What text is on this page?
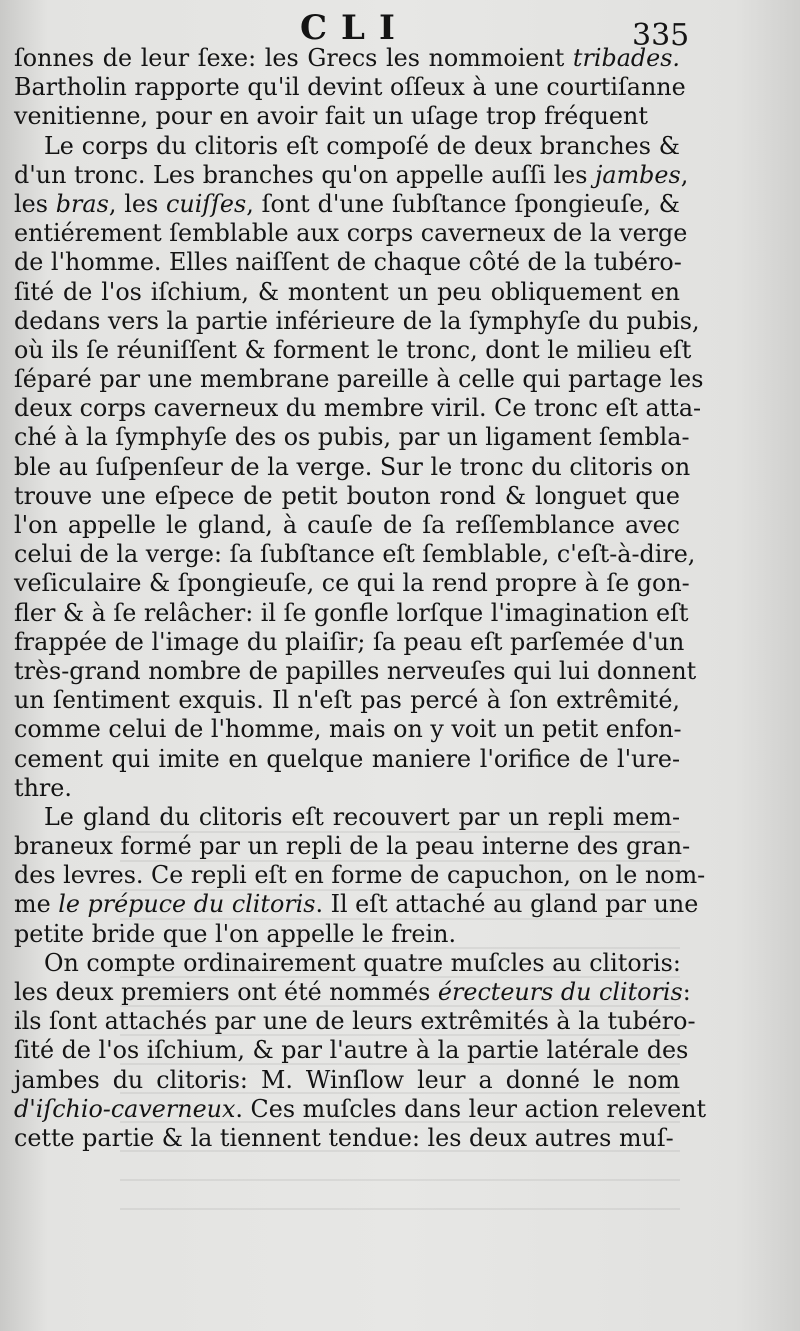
CLI	335
ſonnes de leur ſexe: les Grecs les nommoient tribades.
Bartholin rapporte qu'il devint oſſeux à une courtiſanne
venitienne, pour en avoir fait un uſage trop fréquent
Le corps du clitoris eſt compoſé de deux branches &
d'un tronc. Les branches qu'on appelle auſſi les jambes,
les bras, les cuiſſes, ſont d'une ſubſtance ſpongieuſe, &
entiérement ſemblable aux corps caverneux de la verge
de l'homme. Elles naiſſent de chaque côté de la tubéro-
ſité de l'os iſchium, & montent un peu obliquement en
dedans vers la partie inférieure de la ſymphyſe du pubis,
où ils ſe réuniſſent & forment le tronc, dont le milieu eſt
ſéparé par une membrane pareille à celle qui partage les
deux corps caverneux du membre viril. Ce tronc eſt atta-
ché à la ſymphyſe des os pubis, par un ligament ſembla-
ble au ſuſpenſeur de la verge. Sur le tronc du clitoris on
trouve une eſpece de petit bouton rond & longuet que
l'on appelle le gland, à cauſe de ſa reſſemblance avec
celui de la verge: ſa ſubſtance eſt ſemblable, c'eſt-à-dire,
veſiculaire & ſpongieuſe, ce qui la rend propre à ſe gon-
fler & à ſe relâcher: il ſe gonfle lorſque l'imagination eſt
frappée de l'image du plaiſir; ſa peau eſt parſemée d'un
très-grand nombre de papilles nerveuſes qui lui donnent
un ſentiment exquis. Il n'eſt pas percé à ſon extrêmité,
comme celui de l'homme, mais on y voit un petit enfon-
cement qui imite en quelque maniere l'orifice de l'ure-
thre.
Le gland du clitoris eſt recouvert par un repli mem-
braneux formé par un repli de la peau interne des gran-
des levres. Ce repli eſt en forme de capuchon, on le nom-
me le prépuce du clitoris. Il eſt attaché au gland par une
petite bride que l'on appelle le frein.
On compte ordinairement quatre muſcles au clitoris:
les deux premiers ont été nommés érecteurs du clitoris:
ils ſont attachés par une de leurs extrêmités à la tubéro-
ſité de l'os iſchium, & par l'autre à la partie latérale des
jambes du clitoris: M. Winſlow leur a donné le nom
d'iſchio-caverneux. Ces muſcles dans leur action relevent
cette partie & la tiennent tendue: les deux autres muſ-
